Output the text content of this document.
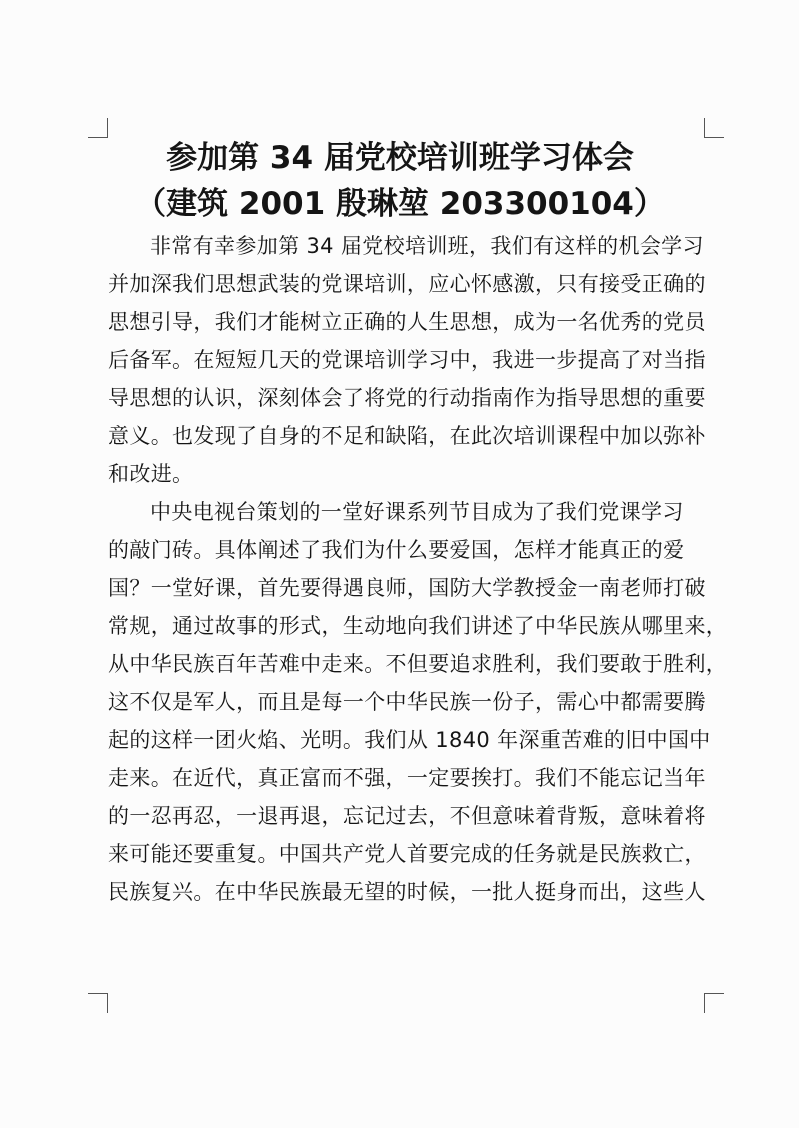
参加第 34 届党校培训班学习体会
（建筑 2001 殷琳堃 203300104）

非常有幸参加第 34 届党校培训班，我们有这样的机会学习
并加深我们思想武装的党课培训，应心怀感激，只有接受正确的
思想引导，我们才能树立正确的人生思想，成为一名优秀的党员
后备军。在短短几天的党课培训学习中，我进一步提高了对当指
导思想的认识，深刻体会了将党的行动指南作为指导思想的重要
意义。也发现了自身的不足和缺陷，在此次培训课程中加以弥补
和改进。

中央电视台策划的一堂好课系列节目成为了我们党课学习
的敲门砖。具体阐述了我们为什么要爱国，怎样才能真正的爱
国？一堂好课，首先要得遇良师，国防大学教授金一南老师打破
常规，通过故事的形式，生动地向我们讲述了中华民族从哪里来，
从中华民族百年苦难中走来。不但要追求胜利，我们要敢于胜利，
这不仅是军人，而且是每一个中华民族一份子，需心中都需要腾
起的这样一团火焰、光明。我们从 1840 年深重苦难的旧中国中
走来。在近代，真正富而不强，一定要挨打。我们不能忘记当年
的一忍再忍，一退再退，忘记过去，不但意味着背叛，意味着将
来可能还要重复。中国共产党人首要完成的任务就是民族救亡，
民族复兴。在中华民族最无望的时候，一批人挺身而出，这些人
